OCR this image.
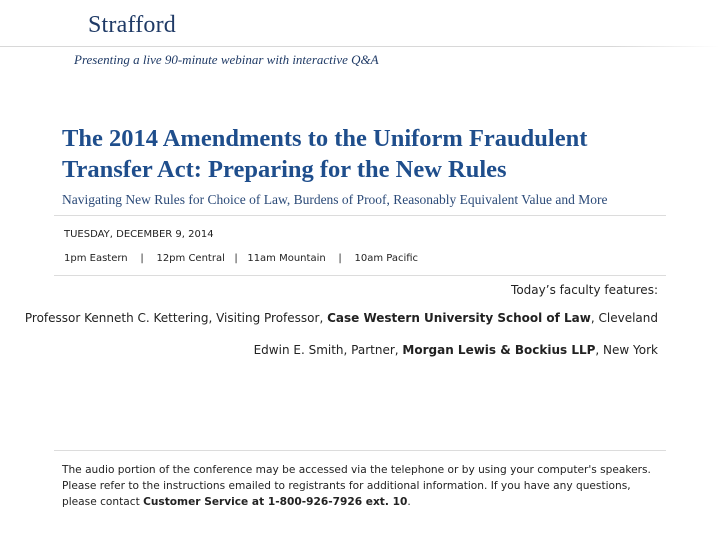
Strafford
Presenting a live 90-minute webinar with interactive Q&A
The 2014 Amendments to the Uniform Fraudulent
Transfer Act: Preparing for the New Rules
Navigating New Rules for Choice of Law, Burdens of Proof, Reasonably Equivalent Value and More
TUESDAY, DECEMBER 9, 2014
1pm Eastern | 12pm Central | 11am Mountain | 10am Pacific
Today’s faculty features:
Professor Kenneth C. Kettering, Visiting Professor, Case Western University School of Law, Cleveland
Edwin E. Smith, Partner, Morgan Lewis & Bockius LLP, New York

The audio portion of the conference may be accessed via the telephone or by using your computer's speakers. Please refer to the instructions emailed to registrants for additional information. If you have any questions, please contact Customer Service at 1-800-926-7926 ext. 10.
